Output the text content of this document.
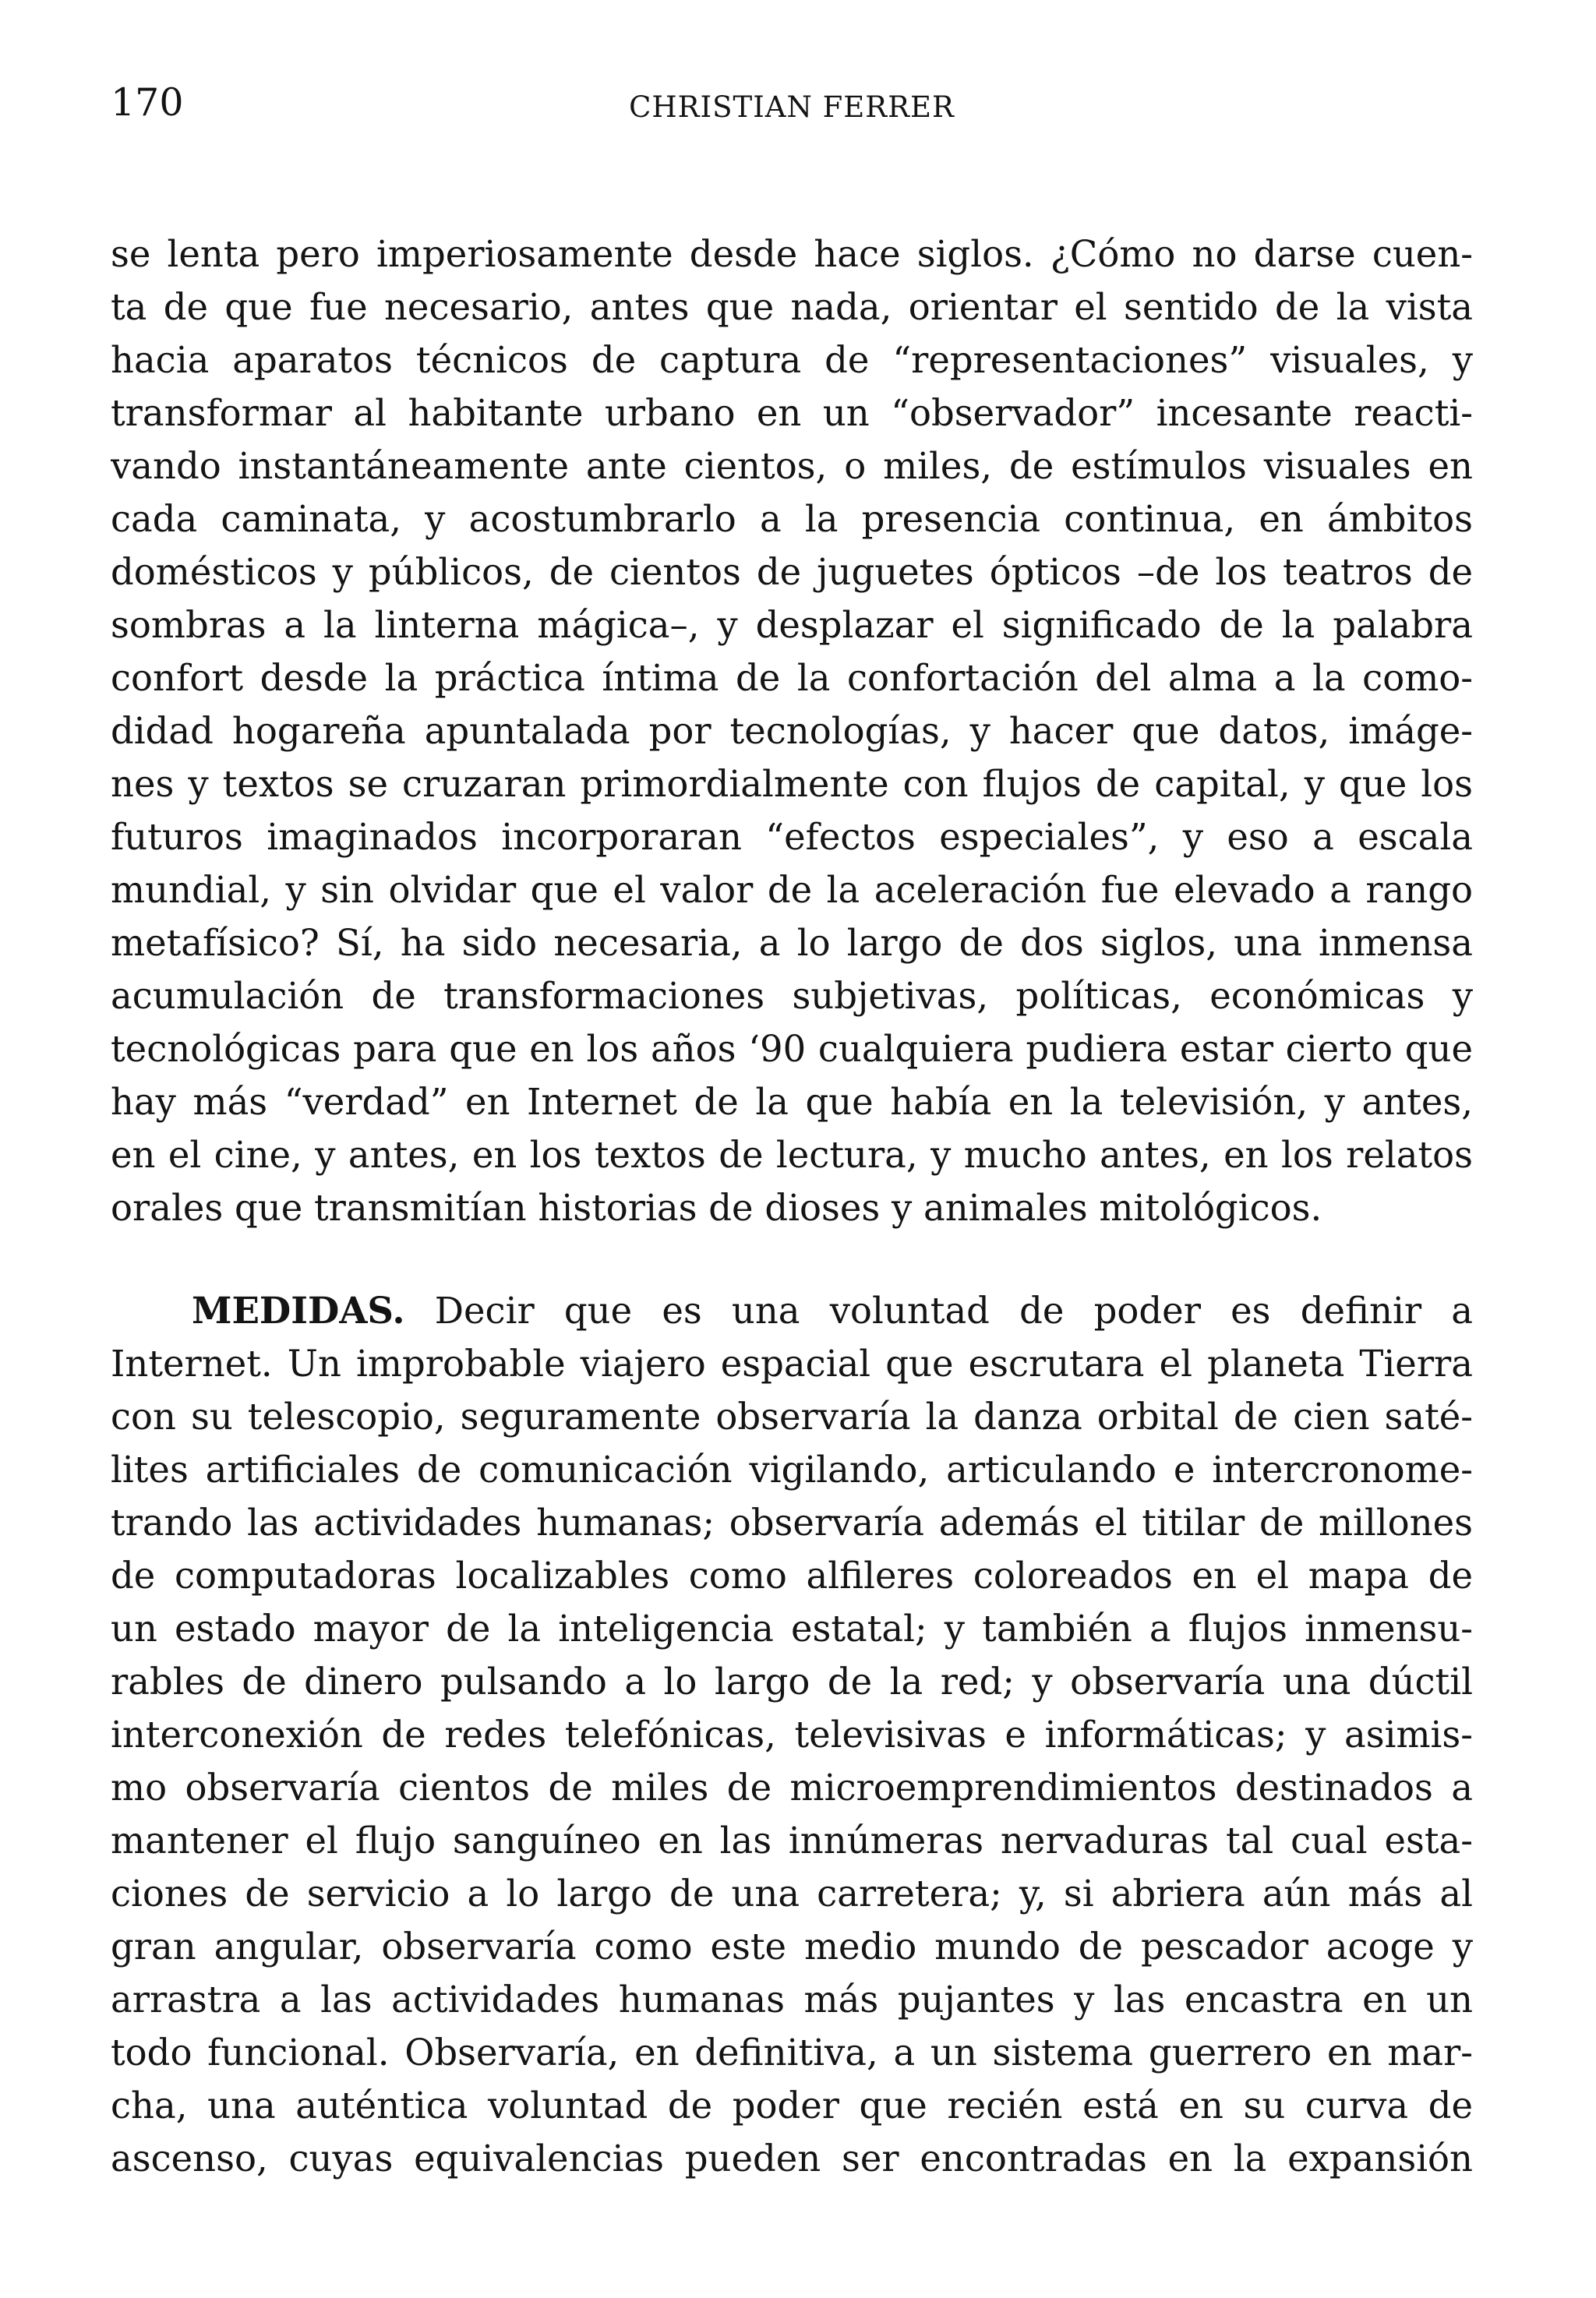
170	CHRISTIAN FERRER
se lenta pero imperiosamente desde hace siglos. ¿Cómo no darse cuen-
ta de que fue necesario, antes que nada, orientar el sentido de la vista
hacia aparatos técnicos de captura de “representaciones” visuales, y
transformar al habitante urbano en un “observador” incesante reacti-
vando instantáneamente ante cientos, o miles, de estímulos visuales en
cada caminata, y acostumbrarlo a la presencia continua, en ámbitos
domésticos y públicos, de cientos de juguetes ópticos –de los teatros de
sombras a la linterna mágica–, y desplazar el significado de la palabra
confort desde la práctica íntima de la confortación del alma a la como-
didad hogareña apuntalada por tecnologías, y hacer que datos, imáge-
nes y textos se cruzaran primordialmente con flujos de capital, y que los
futuros imaginados incorporaran “efectos especiales”, y eso a escala
mundial, y sin olvidar que el valor de la aceleración fue elevado a rango
metafísico? Sí, ha sido necesaria, a lo largo de dos siglos, una inmensa
acumulación de transformaciones subjetivas, políticas, económicas y
tecnológicas para que en los años ‘90 cualquiera pudiera estar cierto que
hay más “verdad” en Internet de la que había en la televisión, y antes,
en el cine, y antes, en los textos de lectura, y mucho antes, en los relatos
orales que transmitían historias de dioses y animales mitológicos.
MEDIDAS. Decir que es una voluntad de poder es definir a
Internet. Un improbable viajero espacial que escrutara el planeta Tierra
con su telescopio, seguramente observaría la danza orbital de cien saté-
lites artificiales de comunicación vigilando, articulando e intercronome-
trando las actividades humanas; observaría además el titilar de millones
de computadoras localizables como alfileres coloreados en el mapa de
un estado mayor de la inteligencia estatal; y también a flujos inmensu-
rables de dinero pulsando a lo largo de la red; y observaría una dúctil
interconexión de redes telefónicas, televisivas e informáticas; y asimis-
mo observaría cientos de miles de microemprendimientos destinados a
mantener el flujo sanguíneo en las innúmeras nervaduras tal cual esta-
ciones de servicio a lo largo de una carretera; y, si abriera aún más al
gran angular, observaría como este medio mundo de pescador acoge y
arrastra a las actividades humanas más pujantes y las encastra en un
todo funcional. Observaría, en definitiva, a un sistema guerrero en mar-
cha, una auténtica voluntad de poder que recién está en su curva de
ascenso, cuyas equivalencias pueden ser encontradas en la expansión
